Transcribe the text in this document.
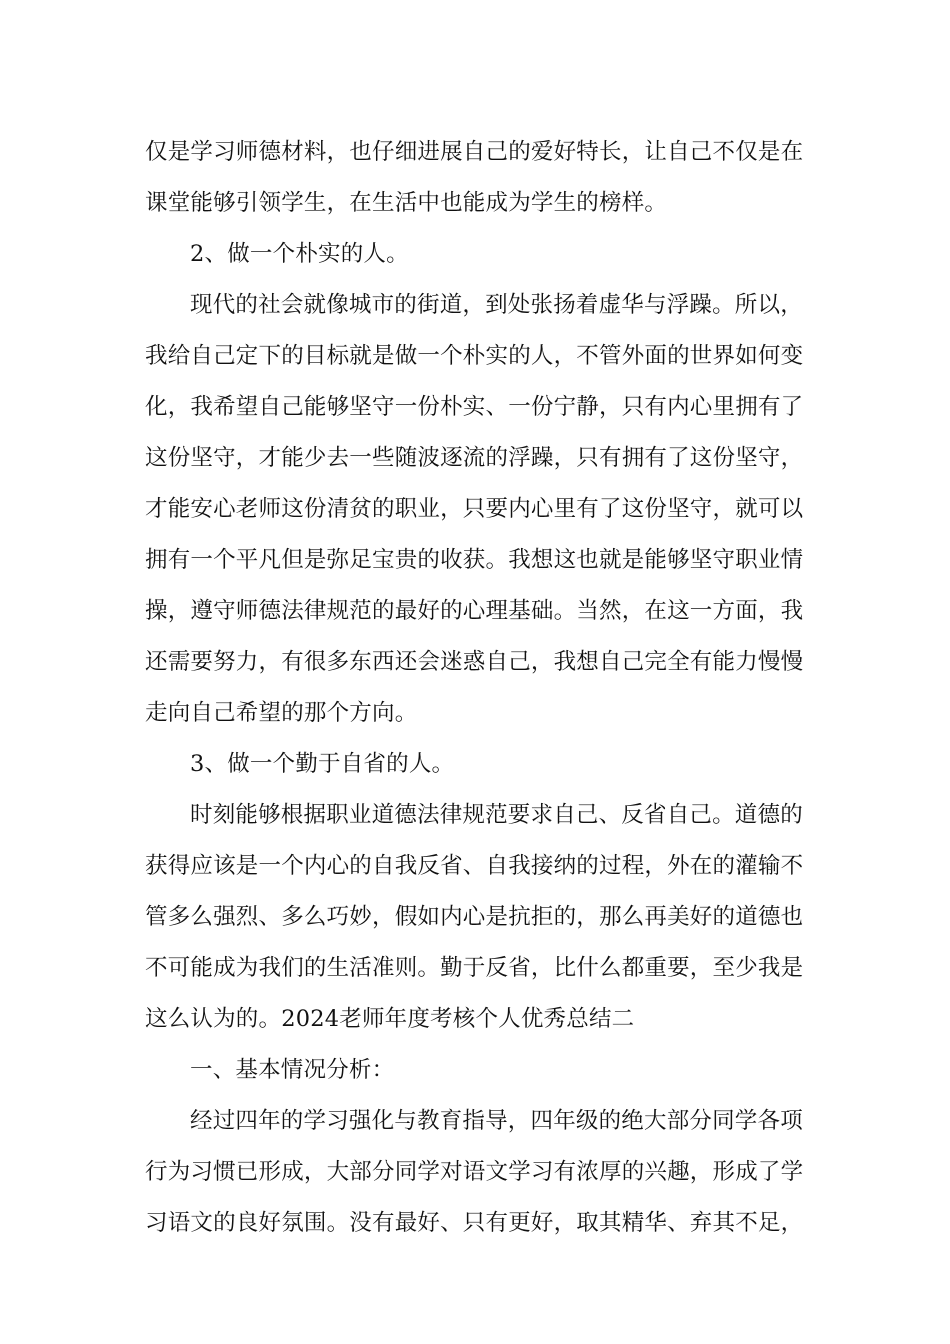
仅是学习师德材料，也仔细进展自己的爱好特长，让自己不仅是在
课堂能够引领学生，在生活中也能成为学生的榜样。
2、做一个朴实的人。
现代的社会就像城市的街道，到处张扬着虚华与浮躁。所以，
我给自己定下的目标就是做一个朴实的人，不管外面的世界如何变
化，我希望自己能够坚守一份朴实、一份宁静，只有内心里拥有了
这份坚守，才能少去一些随波逐流的浮躁，只有拥有了这份坚守，
才能安心老师这份清贫的职业，只要内心里有了这份坚守，就可以
拥有一个平凡但是弥足宝贵的收获。我想这也就是能够坚守职业情
操，遵守师德法律规范的最好的心理基础。当然，在这一方面，我
还需要努力，有很多东西还会迷惑自己，我想自己完全有能力慢慢
走向自己希望的那个方向。
3、做一个勤于自省的人。
时刻能够根据职业道德法律规范要求自己、反省自己。道德的
获得应该是一个内心的自我反省、自我接纳的过程，外在的灌输不
管多么强烈、多么巧妙，假如内心是抗拒的，那么再美好的道德也
不可能成为我们的生活准则。勤于反省，比什么都重要，至少我是
这么认为的。2024老师年度考核个人优秀总结二
一、基本情况分析：
经过四年的学习强化与教育指导，四年级的绝大部分同学各项
行为习惯已形成，大部分同学对语文学习有浓厚的兴趣，形成了学
习语文的良好氛围。没有最好、只有更好，取其精华、弃其不足，
